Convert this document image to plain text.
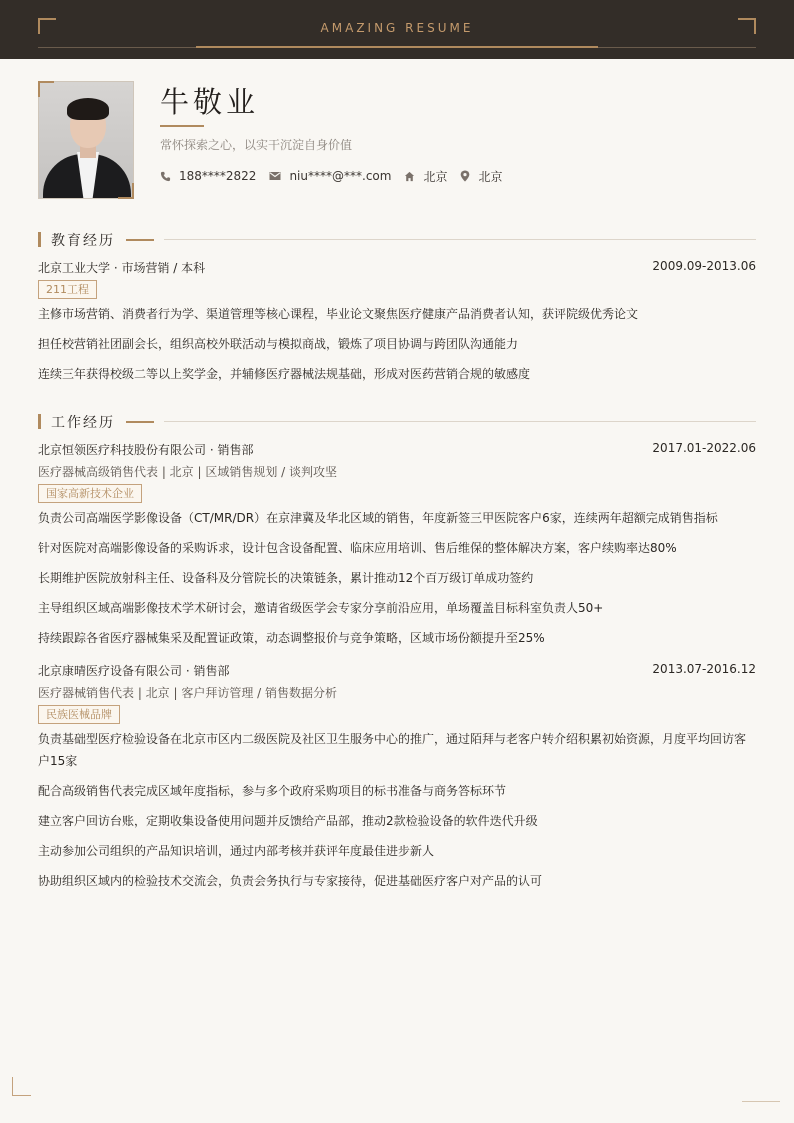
AMAZING RESUME
牛敬业
常怀探索之心，以实干沉淀自身价值
188****2822	niu****@***.com	北京	北京
教育经历
北京工业大学 · 市场营销 / 本科	2009.09-2013.06
211工程
主修市场营销、消费者行为学、渠道管理等核心课程，毕业论文聚焦医疗健康产品消费者认知，获评院级优秀论文
担任校营销社团副会长，组织高校外联活动与模拟商战，锻炼了项目协调与跨团队沟通能力
连续三年获得校级二等以上奖学金，并辅修医疗器械法规基础，形成对医药营销合规的敏感度
工作经历
北京恒领医疗科技股份有限公司 · 销售部	2017.01-2022.06
医疗器械高级销售代表 | 北京 | 区域销售规划 / 谈判攻坚
国家高新技术企业
负责公司高端医学影像设备（CT/MR/DR）在京津冀及华北区域的销售，年度新签三甲医院客户6家，连续两年超额完成销售指标
针对医院对高端影像设备的采购诉求，设计包含设备配置、临床应用培训、售后维保的整体解决方案，客户续购率达80%
长期维护医院放射科主任、设备科及分管院长的决策链条，累计推动12个百万级订单成功签约
主导组织区域高端影像技术学术研讨会，邀请省级医学会专家分享前沿应用，单场覆盖目标科室负责人50+
持续跟踪各省医疗器械集采及配置证政策，动态调整报价与竞争策略，区域市场份额提升至25%
北京康晴医疗设备有限公司 · 销售部	2013.07-2016.12
医疗器械销售代表 | 北京 | 客户拜访管理 / 销售数据分析
民族医械品牌
负责基础型医疗检验设备在北京市区内二级医院及社区卫生服务中心的推广，通过陌拜与老客户转介绍积累初始资源，月度平均回访客户15家
配合高级销售代表完成区域年度指标，参与多个政府采购项目的标书准备与商务答标环节
建立客户回访台账，定期收集设备使用问题并反馈给产品部，推动2款检验设备的软件迭代升级
主动参加公司组织的产品知识培训，通过内部考核并获评年度最佳进步新人
协助组织区域内的检验技术交流会，负责会务执行与专家接待，促进基础医疗客户对产品的认可
